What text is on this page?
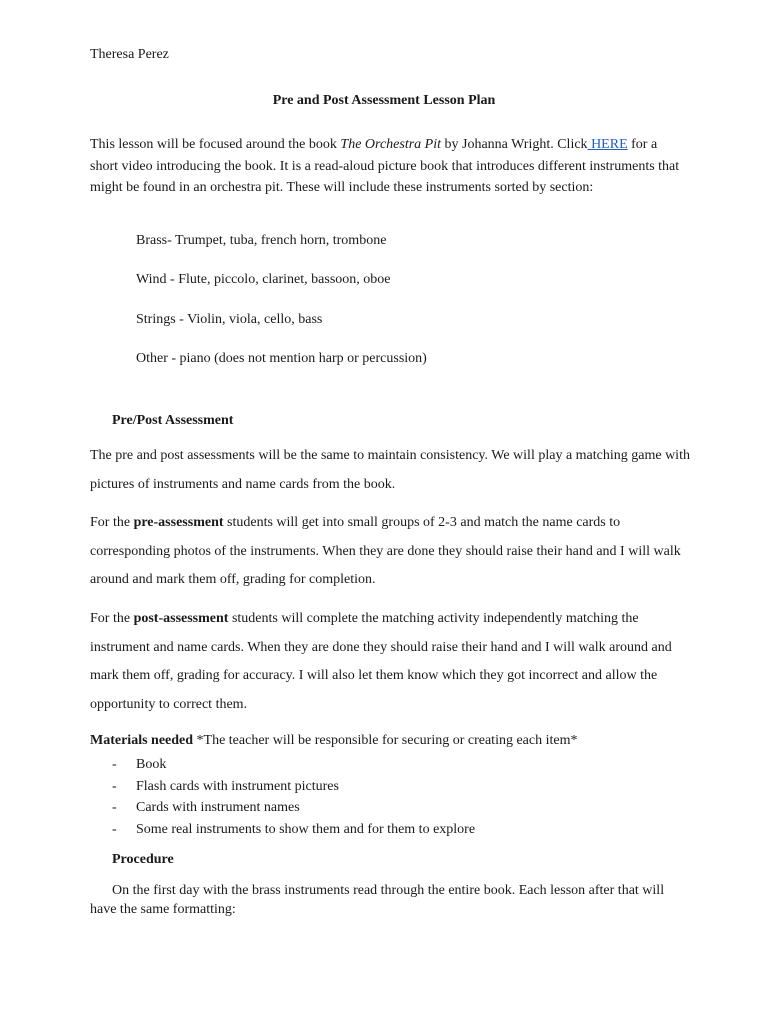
Theresa Perez

Pre and Post Assessment Lesson Plan

This lesson will be focused around the book The Orchestra Pit by Johanna Wright. Click HERE for a short video introducing the book. It is a read-aloud picture book that introduces different instruments that might be found in an orchestra pit. These will include these instruments sorted by section:

Brass- Trumpet, tuba, french horn, trombone

Wind - Flute, piccolo, clarinet, bassoon, oboe

Strings - Violin, viola, cello, bass

Other - piano (does not mention harp or percussion)

Pre/Post Assessment

The pre and post assessments will be the same to maintain consistency. We will play a matching game with pictures of instruments and name cards from the book.

For the pre-assessment students will get into small groups of 2-3 and match the name cards to corresponding photos of the instruments. When they are done they should raise their hand and I will walk around and mark them off, grading for completion.

For the post-assessment students will complete the matching activity independently matching the instrument and name cards. When they are done they should raise their hand and I will walk around and mark them off, grading for accuracy. I will also let them know which they got incorrect and allow the opportunity to correct them.

Materials needed *The teacher will be responsible for securing or creating each item*

- Book
- Flash cards with instrument pictures
- Cards with instrument names
- Some real instruments to show them and for them to explore

Procedure

On the first day with the brass instruments read through the entire book. Each lesson after that will have the same formatting:
